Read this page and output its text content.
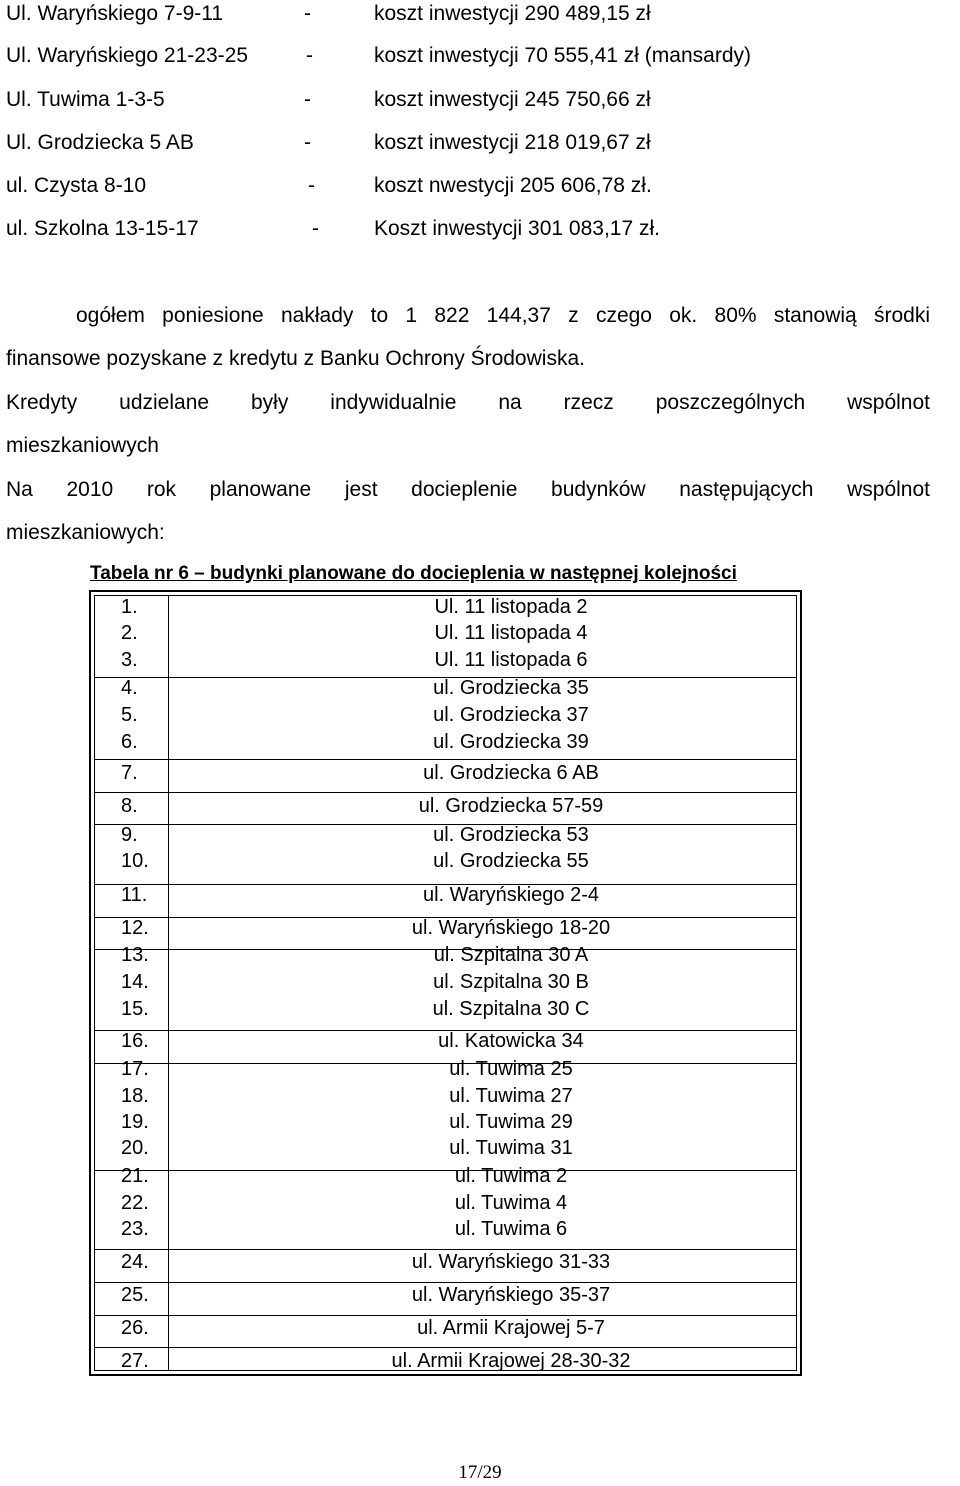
Ul. Waryńskiego 7-9-11	-	koszt inwestycji 290 489,15 zł
Ul. Waryńskiego 21-23-25	-	koszt inwestycji 70 555,41 zł (mansardy)
Ul. Tuwima 1-3-5	-	koszt inwestycji 245 750,66 zł
Ul. Grodziecka 5 AB	-	koszt inwestycji 218 019,67 zł
ul. Czysta 8-10	-	koszt nwestycji 205 606,78 zł.
ul. Szkolna 13-15-17	-	Koszt inwestycji 301 083,17 zł.
ogółem poniesione nakłady to 1 822 144,37 z czego ok. 80% stanowią środki
finansowe pozyskane z kredytu z Banku Ochrony Środowiska.
Kredyty udzielane były indywidualnie na rzecz poszczególnych wspólnot
mieszkaniowych
Na 2010 rok planowane jest docieplenie budynków następujących wspólnot
mieszkaniowych:
Tabela nr 6 – budynki planowane do docieplenia w następnej kolejności
1.	Ul. 11 listopada 2
2.	Ul. 11 listopada 4
3.	Ul. 11 listopada 6
4.	ul. Grodziecka 35
5.	ul. Grodziecka 37
6.	ul. Grodziecka 39
7.	ul. Grodziecka 6 AB
8.	ul. Grodziecka 57-59
9.	ul. Grodziecka 53
10.	ul. Grodziecka 55
11.	ul. Waryńskiego 2-4
12.	ul. Waryńskiego 18-20
13.	ul. Szpitalna 30 A
14.	ul. Szpitalna 30 B
15.	ul. Szpitalna 30 C
16.	ul. Katowicka 34
17.	ul. Tuwima 25
18.	ul. Tuwima 27
19.	ul. Tuwima 29
20.	ul. Tuwima 31
21.	ul. Tuwima 2
22.	ul. Tuwima 4
23.	ul. Tuwima 6
24.	ul. Waryńskiego 31-33
25.	ul. Waryńskiego 35-37
26.	ul. Armii Krajowej 5-7
27.	ul. Armii Krajowej 28-30-32
17/29
